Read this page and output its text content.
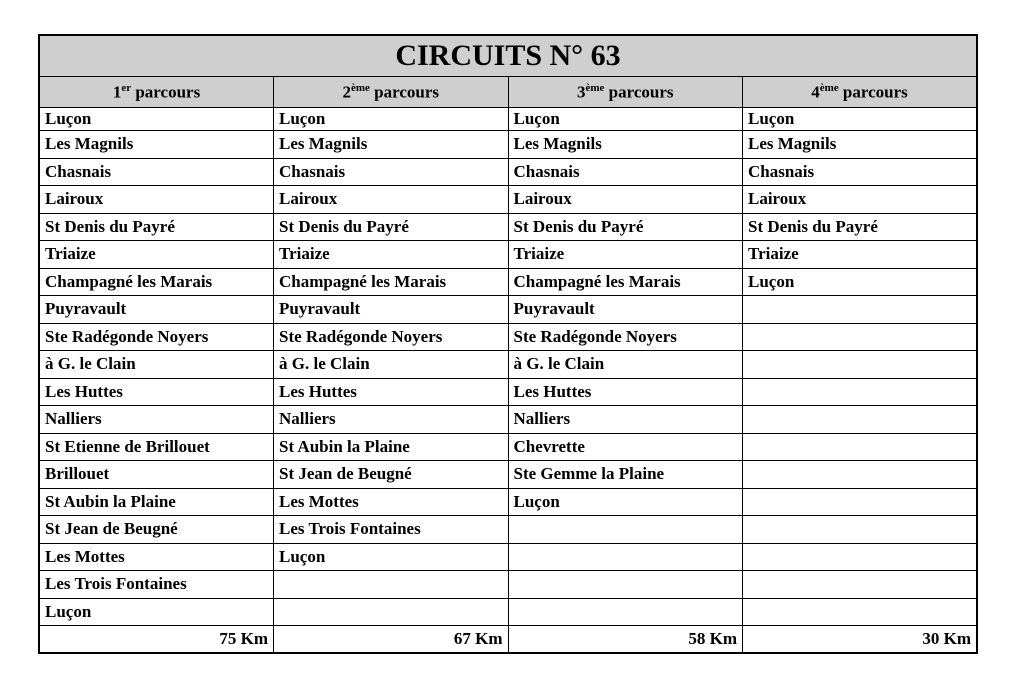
CIRCUITS N° 63			
1er parcours	2ème parcours	3ème parcours	4ème parcours
Luçon	Luçon	Luçon	Luçon
Les Magnils	Les Magnils	Les Magnils	Les Magnils
Chasnais	Chasnais	Chasnais	Chasnais
Lairoux	Lairoux	Lairoux	Lairoux
St Denis du Payré	St Denis du Payré	St Denis du Payré	St Denis du Payré
Triaize	Triaize	Triaize	Triaize
Champagné les Marais	Champagné les Marais	Champagné les Marais	Luçon
Puyravault	Puyravault	Puyravault	
Ste Radégonde Noyers	Ste Radégonde Noyers	Ste Radégonde Noyers	
à G. le Clain	à G. le Clain	à G. le Clain	
Les Huttes	Les Huttes	Les Huttes	
Nalliers	Nalliers	Nalliers	
St Etienne de Brillouet	St Aubin la Plaine	Chevrette	
Brillouet	St Jean de Beugné	Ste Gemme la Plaine	
St Aubin la Plaine	Les Mottes	Luçon	
St Jean de Beugné	Les Trois Fontaines		
Les Mottes	Luçon		
Les Trois Fontaines			
Luçon			
75 Km	67 Km	58 Km	30 Km
